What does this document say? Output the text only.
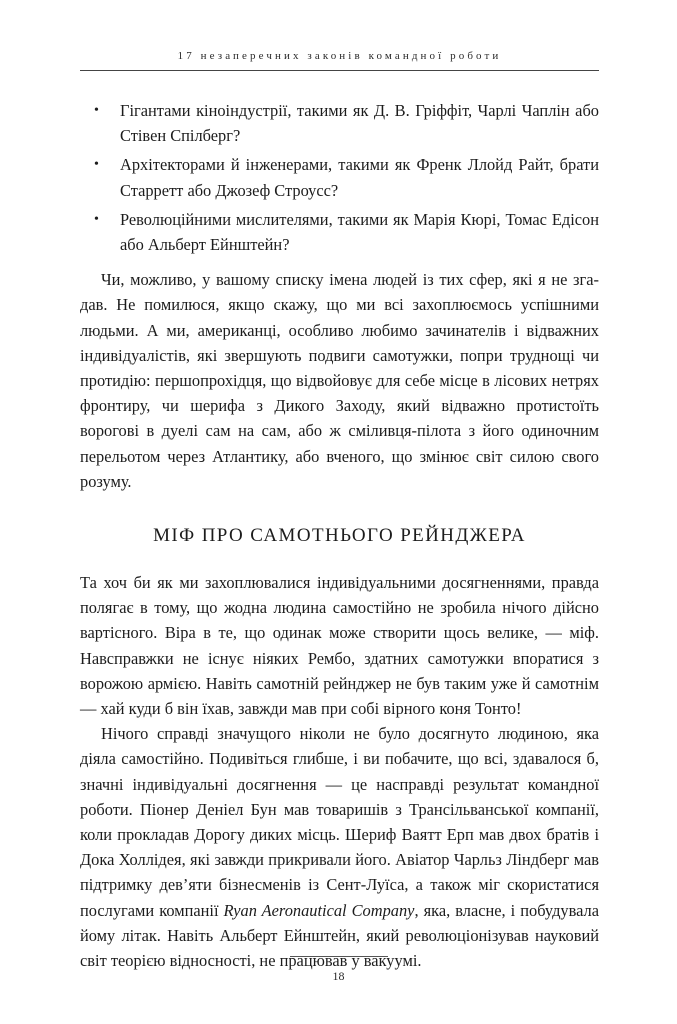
17 незаперечних законів командної роботи
• Гігантами кіноіндустрії, такими як Д. В. Гріффіт, Чарлі Чаплін або Стівен Спілберг?
• Архітекторами й інженерами, такими як Френк Ллойд Райт, брати Старретт або Джозеф Строусс?
• Революційними мислителями, такими як Марія Кюрі, Томас Едісон або Альберт Ейнштейн?

Чи, можливо, у вашому списку імена людей із тих сфер, які я не згадав. Не помилюся, якщо скажу, що ми всі захоплюємось успішними людьми. А ми, американці, особливо любимо зачинателів і відважних індивідуалістів, які звершують подвиги самотужки, попри труднощі чи протидію: першопрохідця, що відвойовує для себе місце в лісових нетрях фронтиру, чи шерифа з Дикого Заходу, який відважно протистоїть ворогові в дуелі сам на сам, або ж сміливця-пілота з його одиночним перельотом через Атлантику, або вченого, що змінює світ силою свого розуму.

МІФ ПРО САМОТНЬОГО РЕЙНДЖЕРА

Та хоч би як ми захоплювалися індивідуальними досягненнями, правда полягає в тому, що жодна людина самостійно не зробила нічого дійсно вартісного. Віра в те, що одинак може створити щось велике, — міф. Навсправжки не існує ніяких Рембо, здатних самотужки впоратися з ворожою армією. Навіть самотній рейнджер не був таким уже й самотнім — хай куди б він їхав, завжди мав при собі вірного коня Тонто!

Нічого справді значущого ніколи не було досягнуто людиною, яка діяла самостійно. Подивіться глибше, і ви побачите, що всі, здавалося б, значні індивідуальні досягнення — це насправді результат командної роботи. Піонер Деніел Бун мав товаришів з Трансільванської компанії, коли прокладав Дорогу диких місць. Шериф Ваятт Ерп мав двох братів і Дока Холлідея, які завжди прикривали його. Авіатор Чарльз Ліндберг мав підтримку дев’яти бізнесменів із Сент-Луїса, а також міг скористатися послугами компанії Ryan Aeronautical Company, яка, власне, і побудувала йому літак. Навіть Альберт Ейнштейн, який революціонізував науковий світ теорією відносності, не працював у вакуумі.

18
